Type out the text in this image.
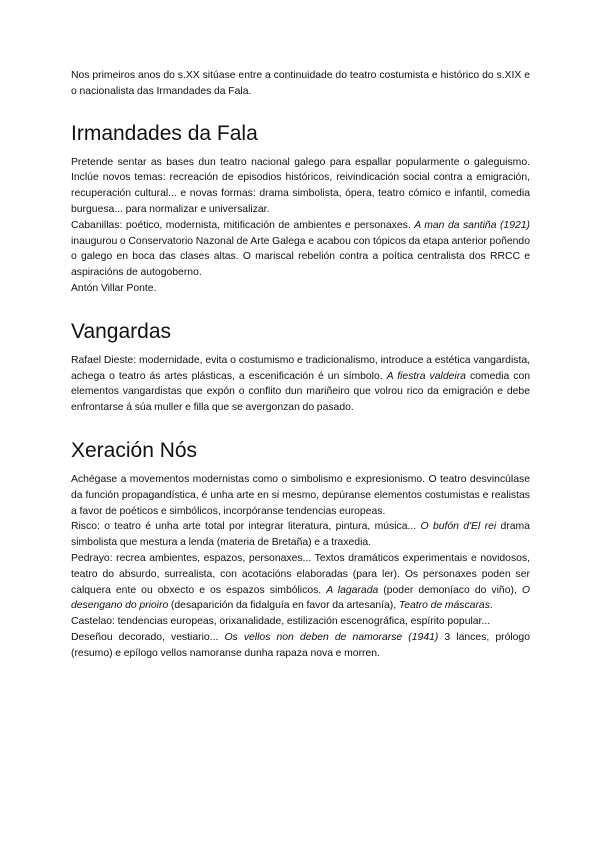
Nos primeiros anos do s.XX sitúase entre a continuidade do teatro costumista e histórico do s.XIX e o nacionalista das Irmandades da Fala.

Irmandades da Fala

Pretende sentar as bases dun teatro nacional galego para espallar popularmente o galeguismo. Inclúe novos temas: recreación de episodios históricos, reivindicación social contra a emigración, recuperación cultural... e novas formas: drama simbolista, ópera, teatro cómico e infantil, comedia burguesa... para normalizar e universalizar.

Cabanillas: poético, modernista, mitificación de ambientes e personaxes. A man da santiña (1921) inaugurou o Conservatorio Nazonal de Arte Galega e acabou con tópicos da etapa anterior poñendo o galego en boca das clases altas. O mariscal rebelión contra a poítica centralista dos RRCC e aspiracións de autogoberno.

Antón Villar Ponte.

Vangardas

Rafael Dieste: modernidade, evita o costumismo e tradicionalismo, introduce a estética vangardista, achega o teatro ás artes plásticas, a escenificación é un símbolo. A fiestra valdeira comedia con elementos vangardistas que expón o conflito dun mariñeiro que volrou rico da emigración e debe enfrontarse á súa muller e filla que se avergonzan do pasado.

Xeración Nós

Achégase a movementos modernistas como o simbolismo e expresionismo. O teatro desvincúlase da función propagandística, é unha arte en si mesmo, depúranse elementos costumistas e realistas a favor de poéticos e simbólicos, incorpóranse tendencias europeas.

Risco: o teatro é unha arte total por integrar literatura, pintura, música... O bufón d'El rei drama simbolista que mestura a lenda (materia de Bretaña) e a traxedia.

Pedrayo: recrea ambientes, espazos, personaxes... Textos dramáticos experimentais e novidosos, teatro do absurdo, surrealista, con acotacións elaboradas (para ler). Os personaxes poden ser calquera ente ou obxecto e os espazos simbólicos. A lagarada (poder demoníaco do viño), O desengano do prioiro (desaparición da fidalguía en favor da artesanía), Teatro de máscaras.

Castelao: tendencias europeas, orixanalidade, estilización escenográfica, espírito popular...

Deseñou decorado, vestiario... Os vellos non deben de namorarse (1941) 3 lances, prólogo (resumo) e epílogo vellos namoranse dunha rapaza nova e morren.
